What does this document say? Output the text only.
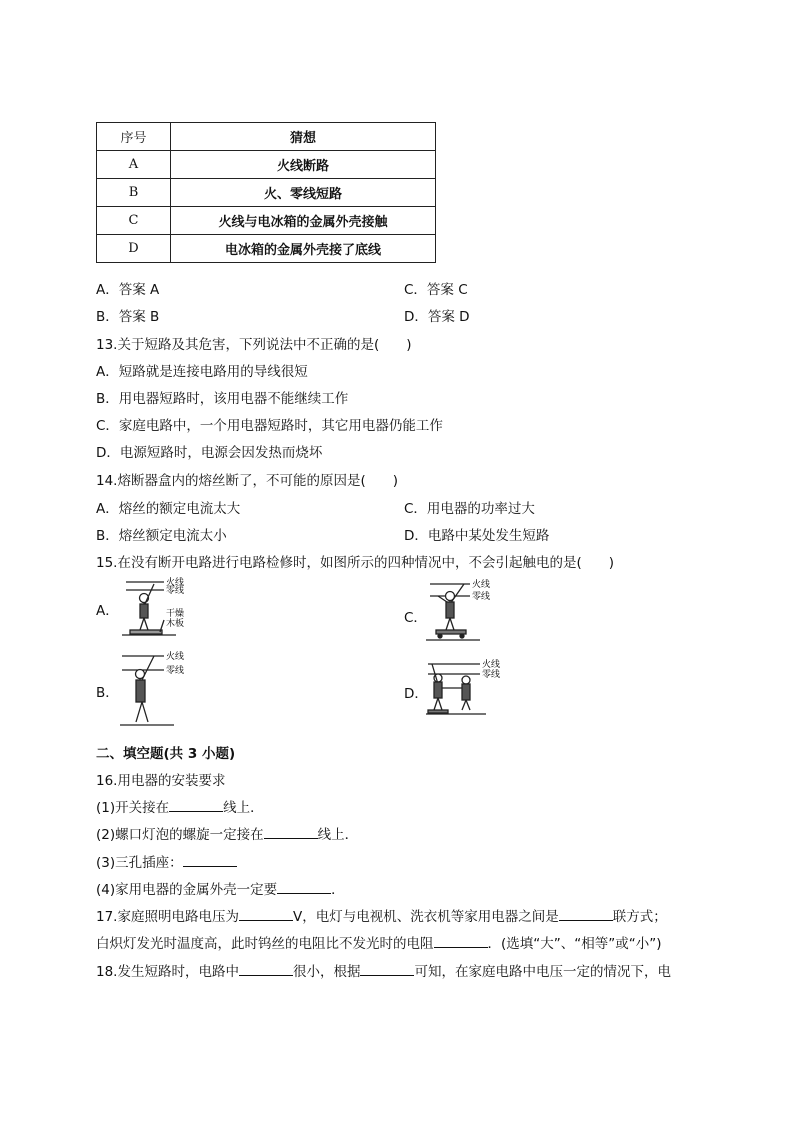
序号	猜想
A	火线断路
B	火、零线短路
C	火线与电冰箱的金属外壳接触
D	电冰箱的金属外壳接了底线
A．答案 A	C．答案 C
B．答案 B	D．答案 D
13.关于短路及其危害，下列说法中不正确的是(　　)
A．短路就是连接电路用的导线很短
B．用电器短路时，该用电器不能继续工作
C．家庭电路中，一个用电器短路时，其它用电器仍能工作
D．电源短路时，电源会因发热而烧坏
14.熔断器盒内的熔丝断了，不可能的原因是(　　)
A．熔丝的额定电流太大	C．用电器的功率过大
B．熔丝额定电流太小	D．电路中某处发生短路
15.在没有断开电路进行电路检修时，如图所示的四种情况中，不会引起触电的是(　　)
A．	C．
B．	D．
火线
零线
干燥
木板
火线
零线
火线
零线
火线
零线
二、填空题(共 3 小题)
16.用电器的安装要求
(1)开关接在	线上．
(2)螺口灯泡的螺旋一定接在	线上．
(3)三孔插座：
(4)家用电器的金属外壳一定要	．
17.家庭照明电路电压为	V，电灯与电视机、洗衣机等家用电器之间是	联方式；
白炽灯发光时温度高，此时钨丝的电阻比不发光时的电阻	．(选填“大”、“相等”或“小”)
18.发生短路时，电路中	很小，根据	可知，在家庭电路中电压一定的情况下，电
